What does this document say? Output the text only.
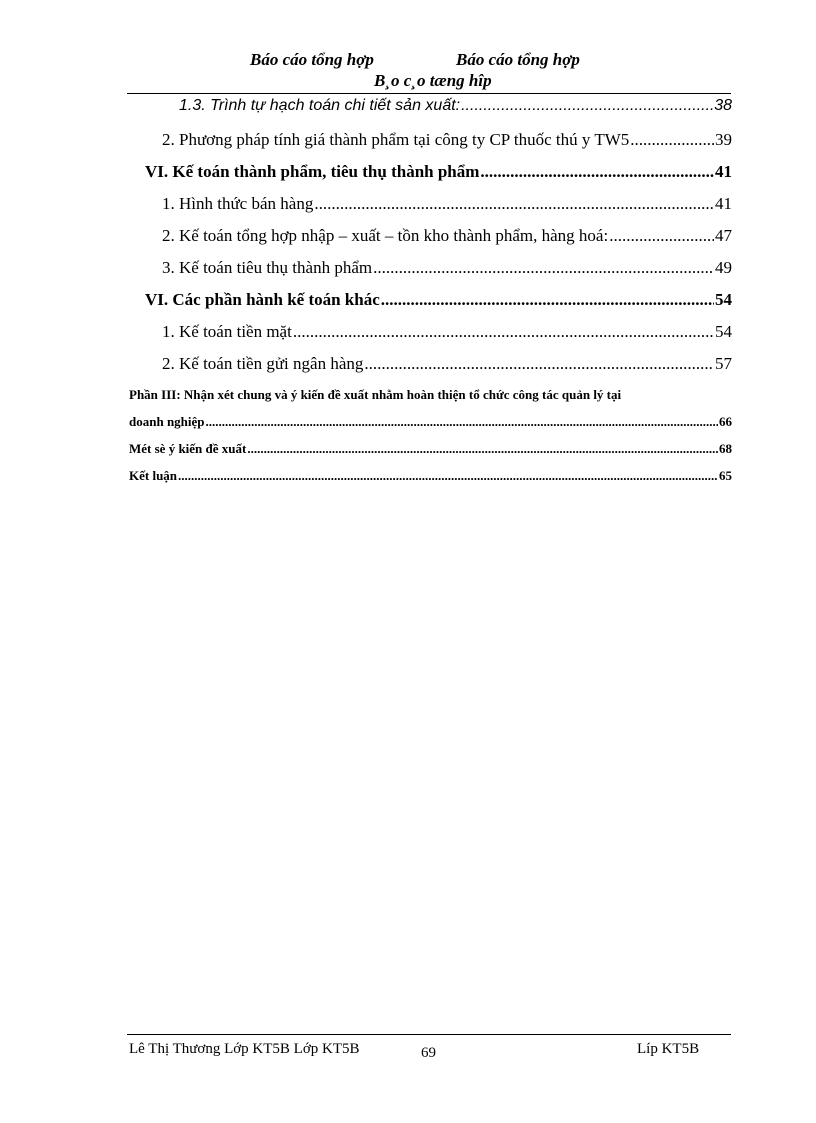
Báo cáo tổng hợp	Báo cáo tổng hợp
B¸o c¸o tæng hîp
1.3. Trình tự hạch toán chi tiết sản xuất: .....	38
2. Phương pháp tính giá thành phẩm tại công ty CP thuốc thú y TW5 .....	39
VI. Kế toán thành phẩm, tiêu thụ thành phẩm .....	41
1. Hình thức bán hàng .....	41
2. Kế toán tổng hợp nhập – xuất – tồn kho thành phẩm, hàng hoá: .....	47
3. Kế toán tiêu thụ thành phẩm .....	49
VI. Các phần hành kế toán khác .....	54
1. Kế toán tiền mặt .....	54
2. Kế toán tiền gửi ngân hàng .....	57
Phần III: Nhận xét chung và ý kiến đề xuất nhằm hoàn thiện tổ chức công tác quản lý tại
doanh nghiệp .....	66
Mét sè ý kiến đề xuất .....	68
Kết luận .....	65
Lê Thị Thương Lớp KT5B Lớp KT5B	69	Líp KT5B
